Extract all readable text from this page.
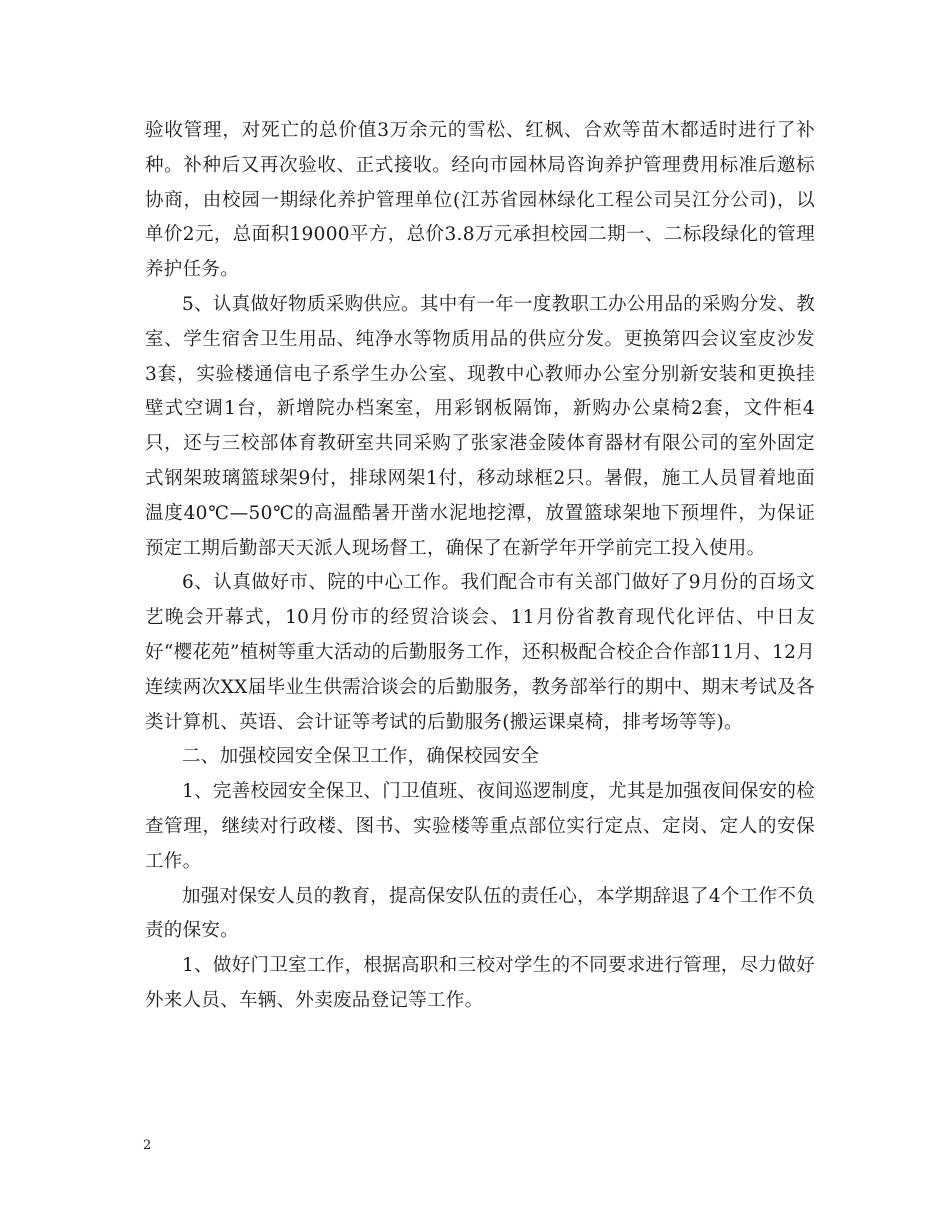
验收管理，对死亡的总价值3万余元的雪松、红枫、合欢等苗木都适时进行了补种。补种后又再次验收、正式接收。经向市园林局咨询养护管理费用标准后邀标协商，由校园一期绿化养护管理单位(江苏省园林绿化工程公司吴江分公司)，以单价2元，总面积19000平方，总价3.8万元承担校园二期一、二标段绿化的管理养护任务。

5、认真做好物质采购供应。其中有一年一度教职工办公用品的采购分发、教室、学生宿舍卫生用品、纯净水等物质用品的供应分发。更换第四会议室皮沙发3套，实验楼通信电子系学生办公室、现教中心教师办公室分别新安装和更换挂壁式空调1台，新增院办档案室，用彩钢板隔饰，新购办公桌椅2套，文件柜4只，还与三校部体育教研室共同采购了张家港金陵体育器材有限公司的室外固定式钢架玻璃篮球架9付，排球网架1付，移动球框2只。暑假，施工人员冒着地面温度40℃—50℃的高温酷暑开凿水泥地挖潭，放置篮球架地下预埋件，为保证预定工期后勤部天天派人现场督工，确保了在新学年开学前完工投入使用。

6、认真做好市、院的中心工作。我们配合市有关部门做好了9月份的百场文艺晚会开幕式，10月份市的经贸洽谈会、11月份省教育现代化评估、中日友好“樱花苑”植树等重大活动的后勤服务工作，还积极配合校企合作部11月、12月连续两次XX届毕业生供需洽谈会的后勤服务，教务部举行的期中、期末考试及各类计算机、英语、会计证等考试的后勤服务(搬运课桌椅，排考场等等)。

二、加强校园安全保卫工作，确保校园安全

1、完善校园安全保卫、门卫值班、夜间巡逻制度，尤其是加强夜间保安的检查管理，继续对行政楼、图书、实验楼等重点部位实行定点、定岗、定人的安保工作。

加强对保安人员的教育，提高保安队伍的责任心，本学期辞退了4个工作不负责的保安。

1、做好门卫室工作，根据高职和三校对学生的不同要求进行管理，尽力做好外来人员、车辆、外卖废品登记等工作。

2
